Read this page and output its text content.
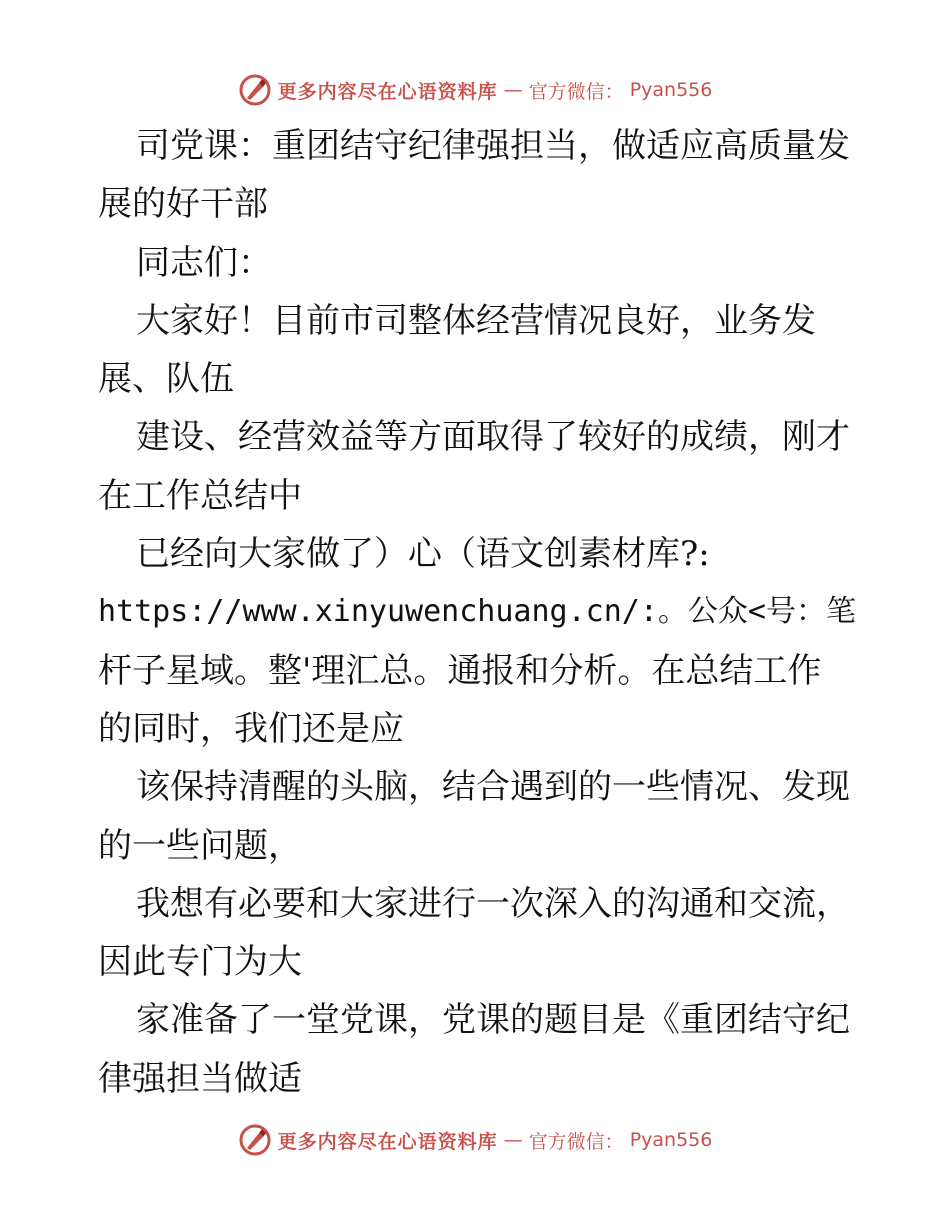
更多内容尽在心语资料库 — 官方微信： Pyan556
司党课：重团结守纪律强担当，做适应高质量发
展的好干部
同志们：
大家好！目前市司整体经营情况良好，业务发
展、队伍
建设、经营效益等方面取得了较好的成绩，刚才
在工作总结中
已经向大家做了）心（语文创素材库?:
https://www.xinyuwenchuang.cn/:。公众<号：笔
杆子星域。整'理汇总。通报和分析。在总结工作
的同时，我们还是应
该保持清醒的头脑，结合遇到的一些情况、发现
的一些问题，
我想有必要和大家进行一次深入的沟通和交流，
因此专门为大
家准备了一堂党课，党课的题目是《重团结守纪
律强担当做适
更多内容尽在心语资料库 — 官方微信： Pyan556
